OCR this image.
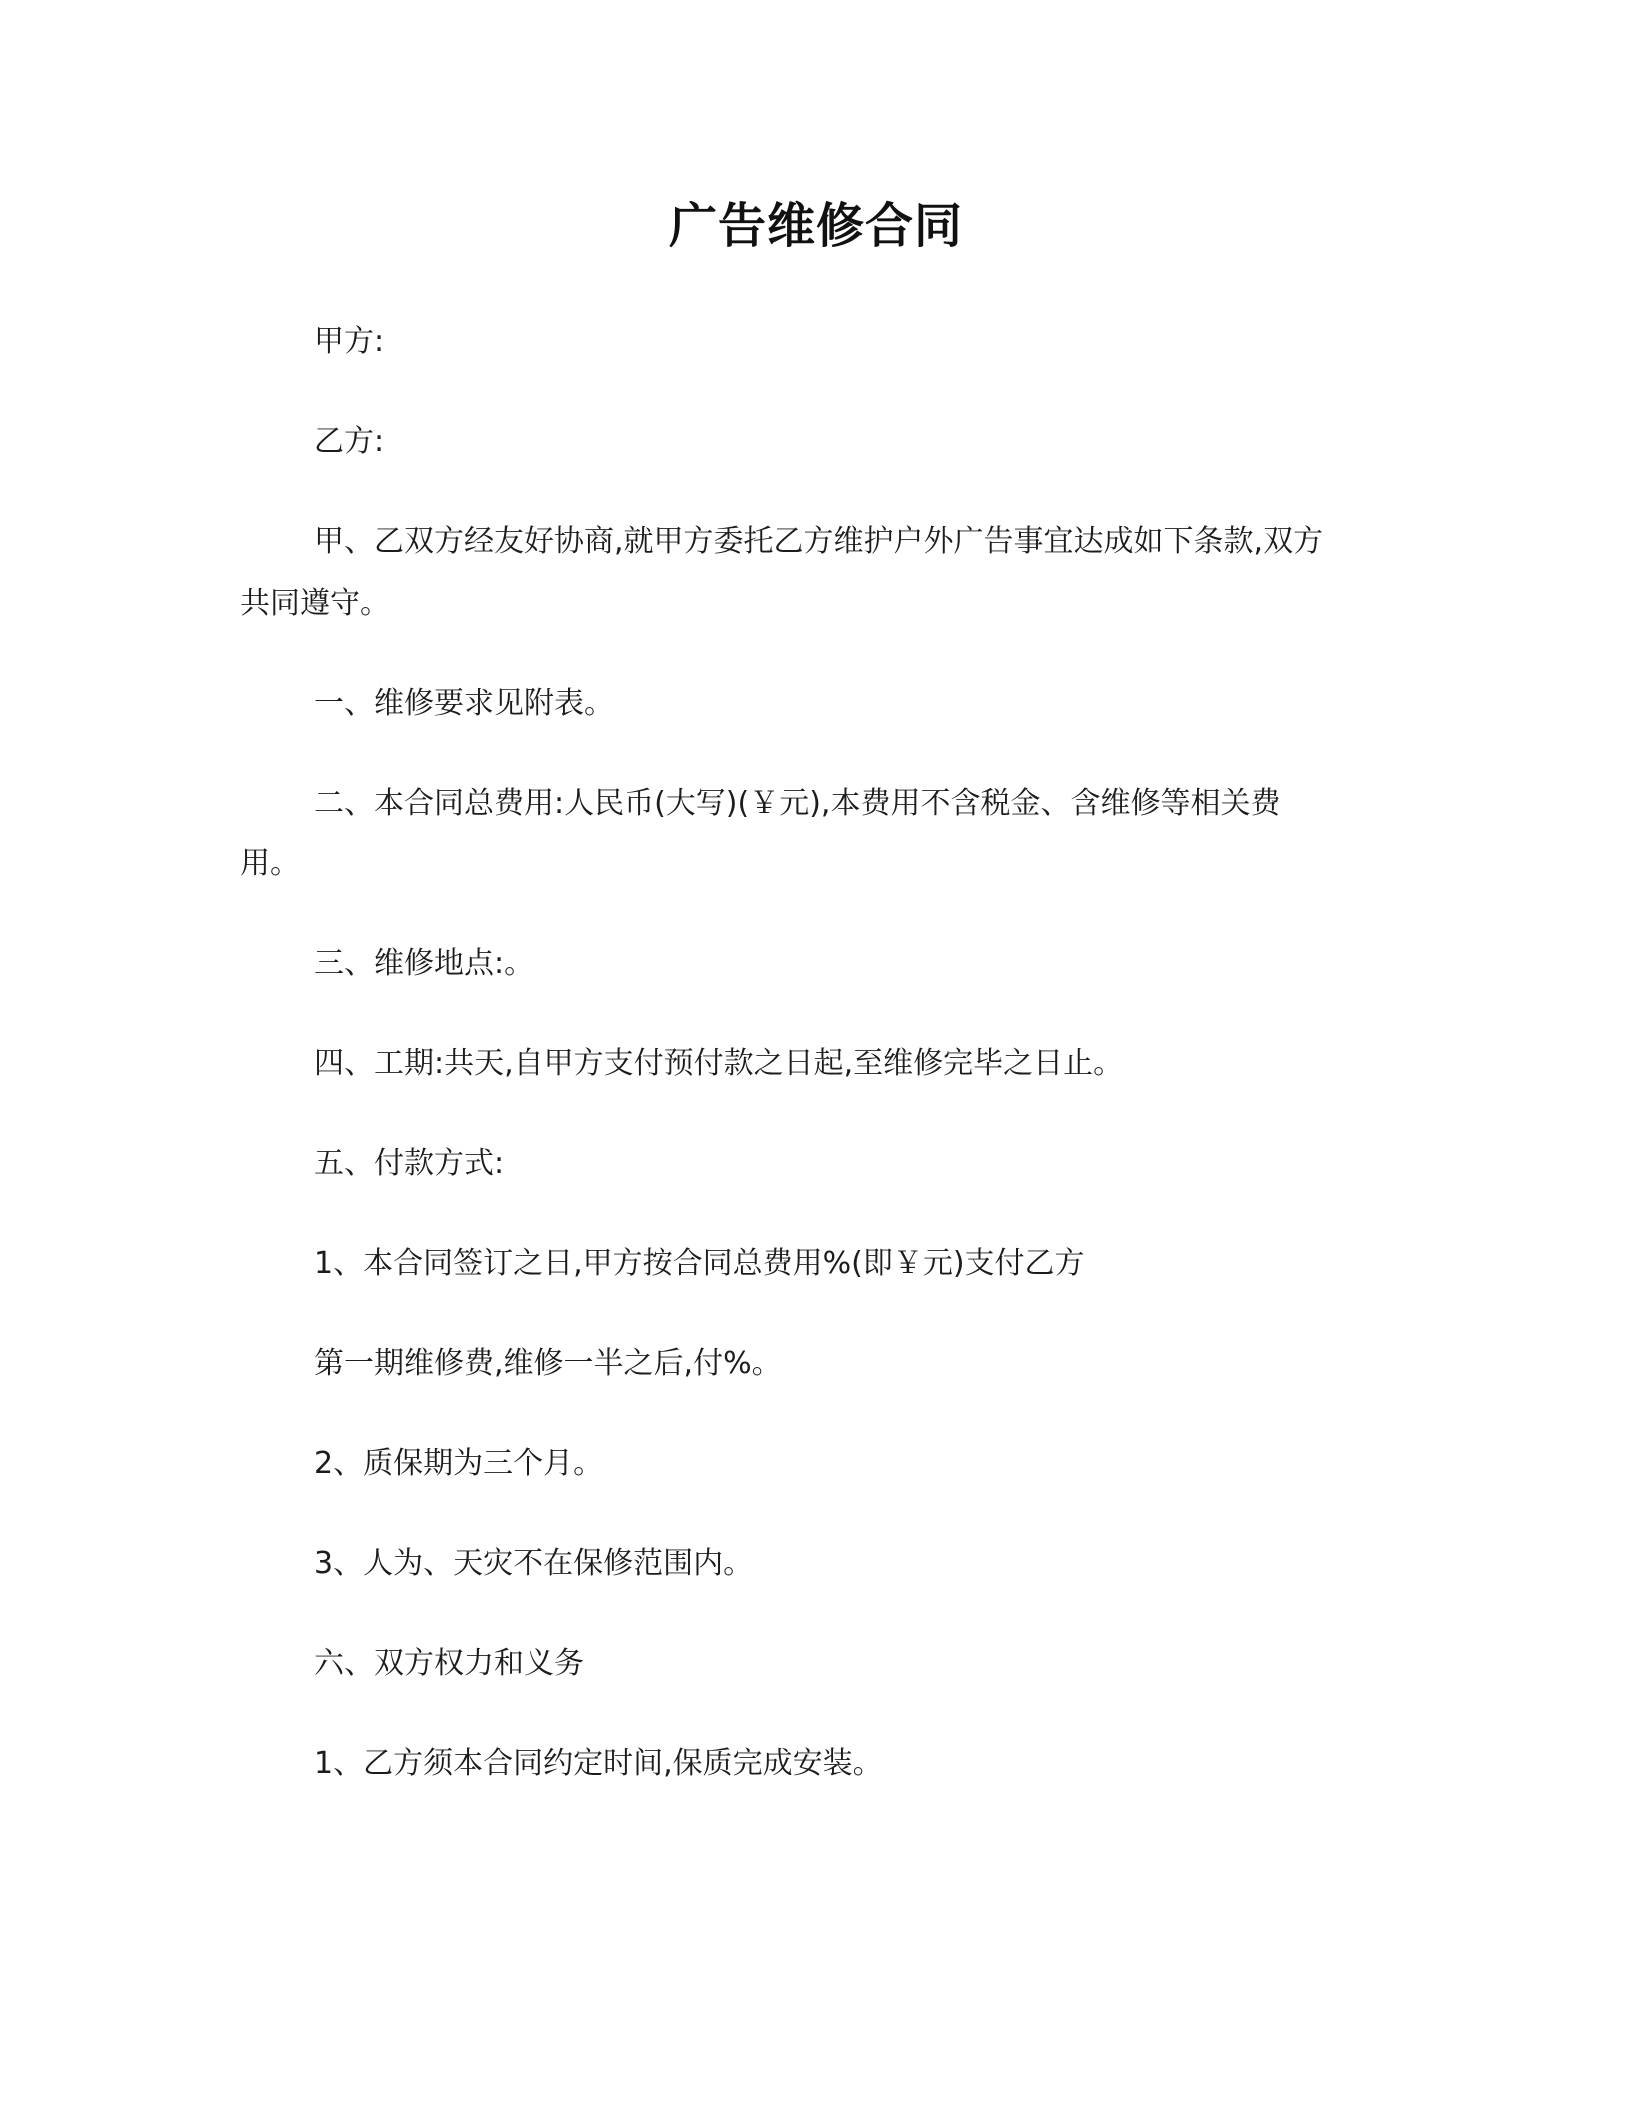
广告维修合同
甲方:
乙方:
甲、乙双方经友好协商,就甲方委托乙方维护户外广告事宜达成如下条款,双方
共同遵守。
一、维修要求见附表。
二、本合同总费用:人民币(大写)(￥元),本费用不含税金、含维修等相关费
用。
三、维修地点:。
四、工期:共天,自甲方支付预付款之日起,至维修完毕之日止。
五、付款方式:
1、本合同签订之日,甲方按合同总费用%(即￥元)支付乙方
第一期维修费,维修一半之后,付%。
2、质保期为三个月。
3、人为、天灾不在保修范围内。
六、双方权力和义务
1、乙方须本合同约定时间,保质完成安装。
